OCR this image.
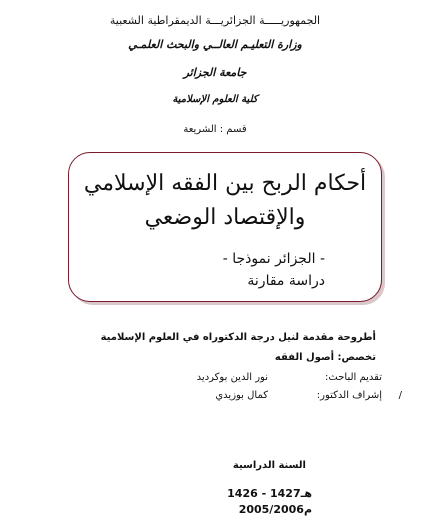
الجمهوريـــــة الجزائريـــة الديمقراطية الشعبية
وزارة التعليـم العالــي والبحث العلمـي
جامعة الجزائر
كلية العلوم الإسلامية
قسم : الشريعة
أحكام الربح بين الفقه الإسلامي
والإقتصاد الوضعي
- الجزائر نموذجا -
دراسة مقارنة
أطروحة مقدمة لنيل درجة الدكتوراه في العلوم الإسلامية
تخصص: أصول الفقه
تقديم الباحث:
نور الدين بوكرديد
/
إشراف الدكتور:
كمال بوزيدي
السنة الدراسية
1426 - 1427هـ
2005/2006م
